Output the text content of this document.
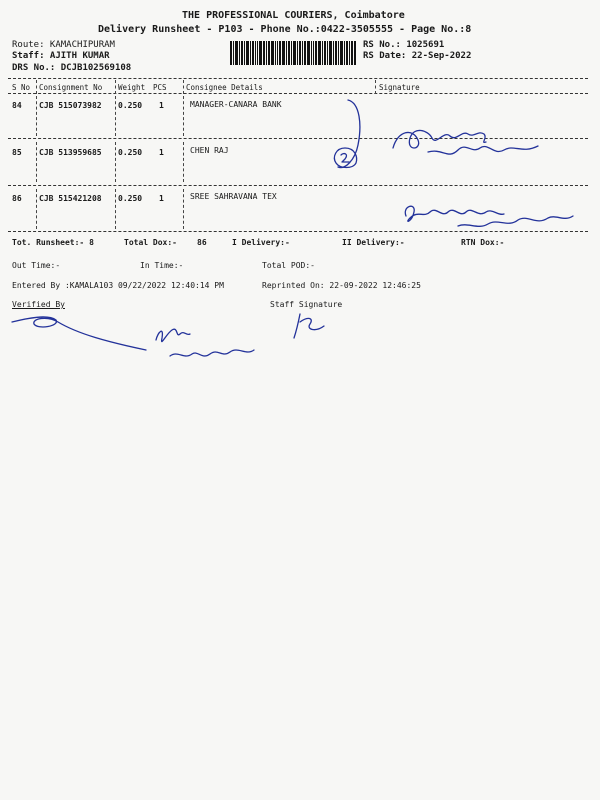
THE PROFESSIONAL COURIERS, Coimbatore
Delivery Runsheet - P103 - Phone No.:0422-3505555 - Page No.:8
Route: KAMACHIPURAM
Staff: AJITH KUMAR
DRS No.: DCJB102569108
RS No.: 1025691
RS Date: 22-Sep-2022
S No Consignment No Weight PCS	Consignee Details	Signature
84 CJB 515073982 0.250 1	MANAGER-CANARA BANK
85 CJB 513959685 0.250 1	CHEN RAJ
86 CJB 515421208 0.250 1	SREE SAHRAVANA TEX
Tot. Runsheet:- 8	Total Dox:-	86	I Delivery:-	II Delivery:-	RTN Dox:-
Out Time:-	In Time:-	Total POD:-
Entered By :KAMALA103 09/22/2022 12:40:14 PM	Reprinted On: 22-09-2022 12:46:25
Verified By	Staff Signature
